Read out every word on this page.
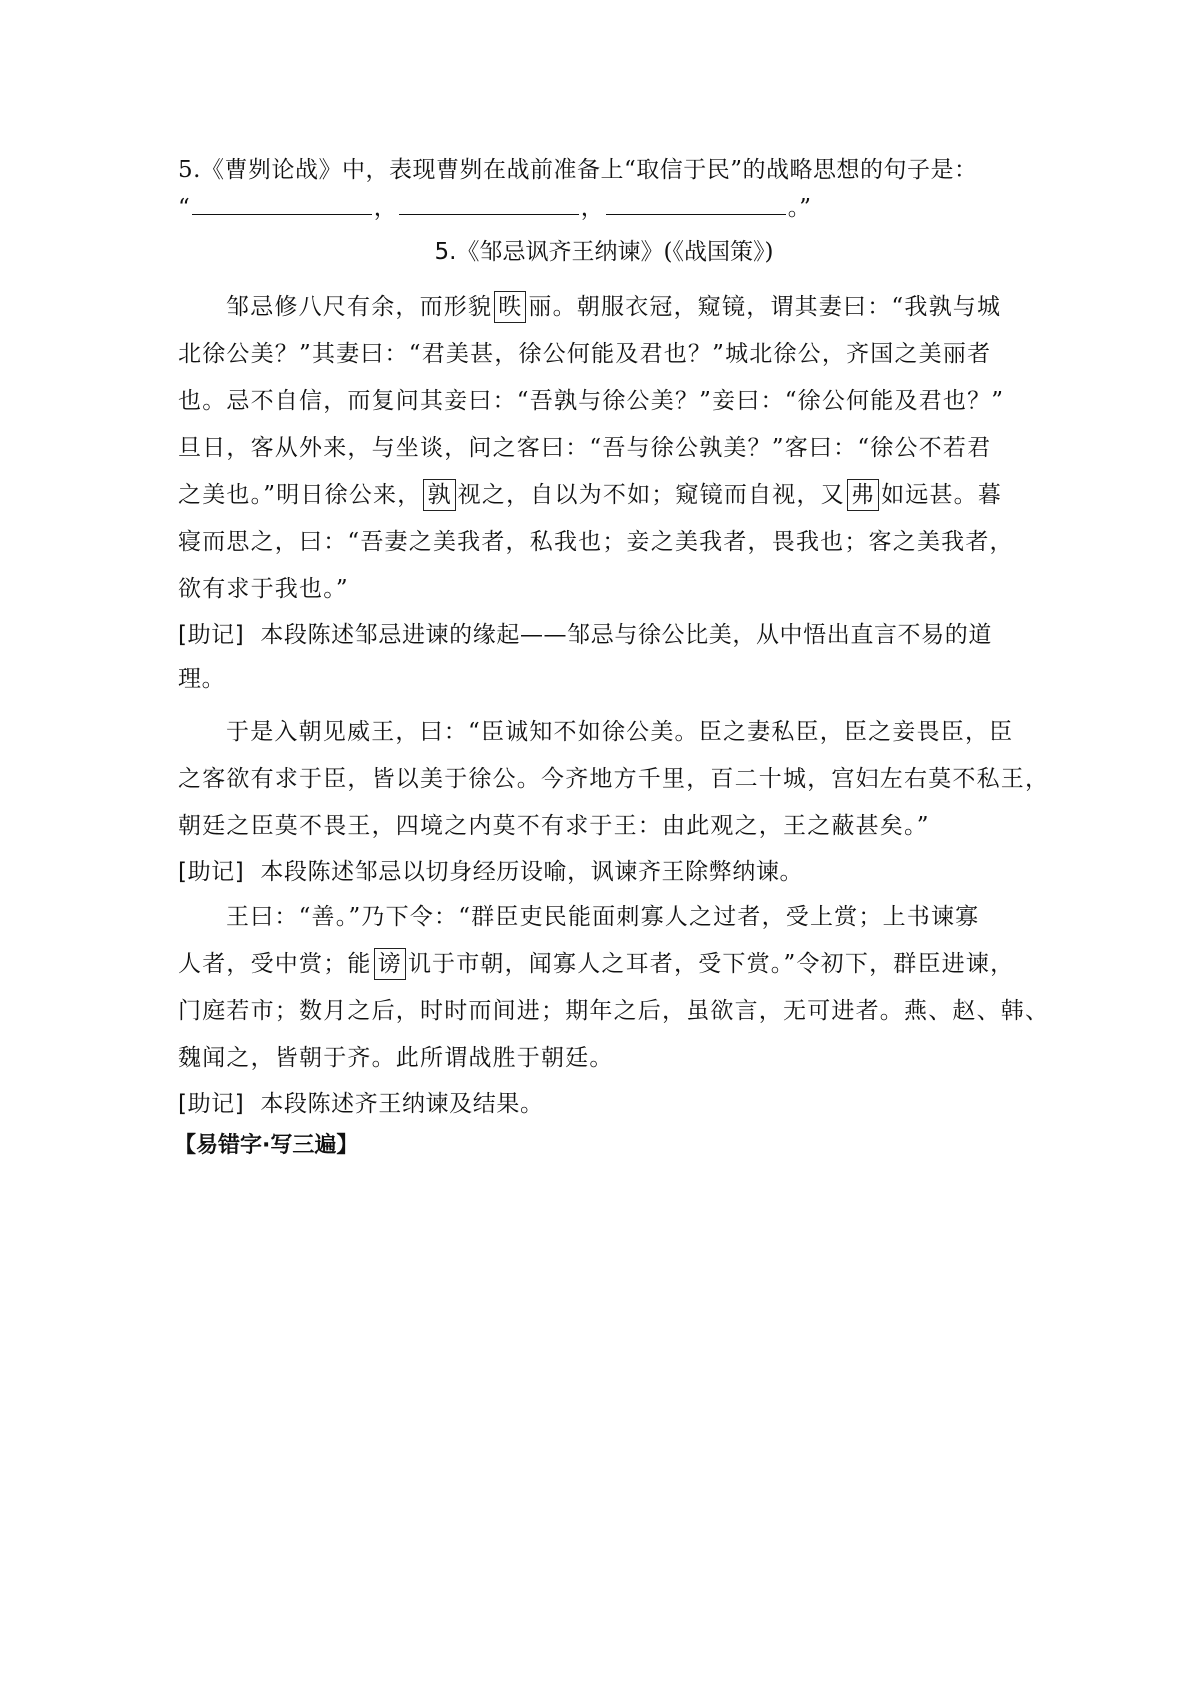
5.《曹刿论战》中，表现曹刿在战前准备上“取信于民”的战略思想的句子是：
“	，	，	。”
5.《邹忌讽齐王纳谏》(《战国策》)
邹忌修八尺有余，而形貌 昳 丽。朝服衣冠，窥镜，谓其妻曰：“我孰与城
北徐公美？”其妻曰：“君美甚，徐公何能及君也？”城北徐公，齐国之美丽者
也。忌不自信，而复问其妾曰：“吾孰与徐公美？”妾曰：“徐公何能及君也？”
旦日，客从外来，与坐谈，问之客曰：“吾与徐公孰美？”客曰：“徐公不若君
之美也。”明日徐公来， 孰 视之，自以为不如；窥镜而自视，又 弗 如远甚。暮
寝而思之，曰：“吾妻之美我者，私我也；妾之美我者，畏我也；客之美我者，
欲有求于我也。”
[助记] 本段陈述邹忌进谏的缘起——邹忌与徐公比美，从中悟出直言不易的道
理。
于是入朝见威王，曰：“臣诚知不如徐公美。臣之妻私臣，臣之妾畏臣，臣
之客欲有求于臣，皆以美于徐公。今齐地方千里，百二十城，宫妇左右莫不私王，
朝廷之臣莫不畏王，四境之内莫不有求于王：由此观之，王之蔽甚矣。”
[助记] 本段陈述邹忌以切身经历设喻，讽谏齐王除弊纳谏。
王曰：“善。”乃下令：“群臣吏民能面刺寡人之过者，受上赏；上书谏寡
人者，受中赏；能 谤 讥于市朝，闻寡人之耳者，受下赏。”令初下，群臣进谏，
门庭若市；数月之后，时时而间进；期年之后，虽欲言，无可进者。燕、赵、韩、
魏闻之，皆朝于齐。此所谓战胜于朝廷。
[助记] 本段陈述齐王纳谏及结果。
【易错字·写三遍】
